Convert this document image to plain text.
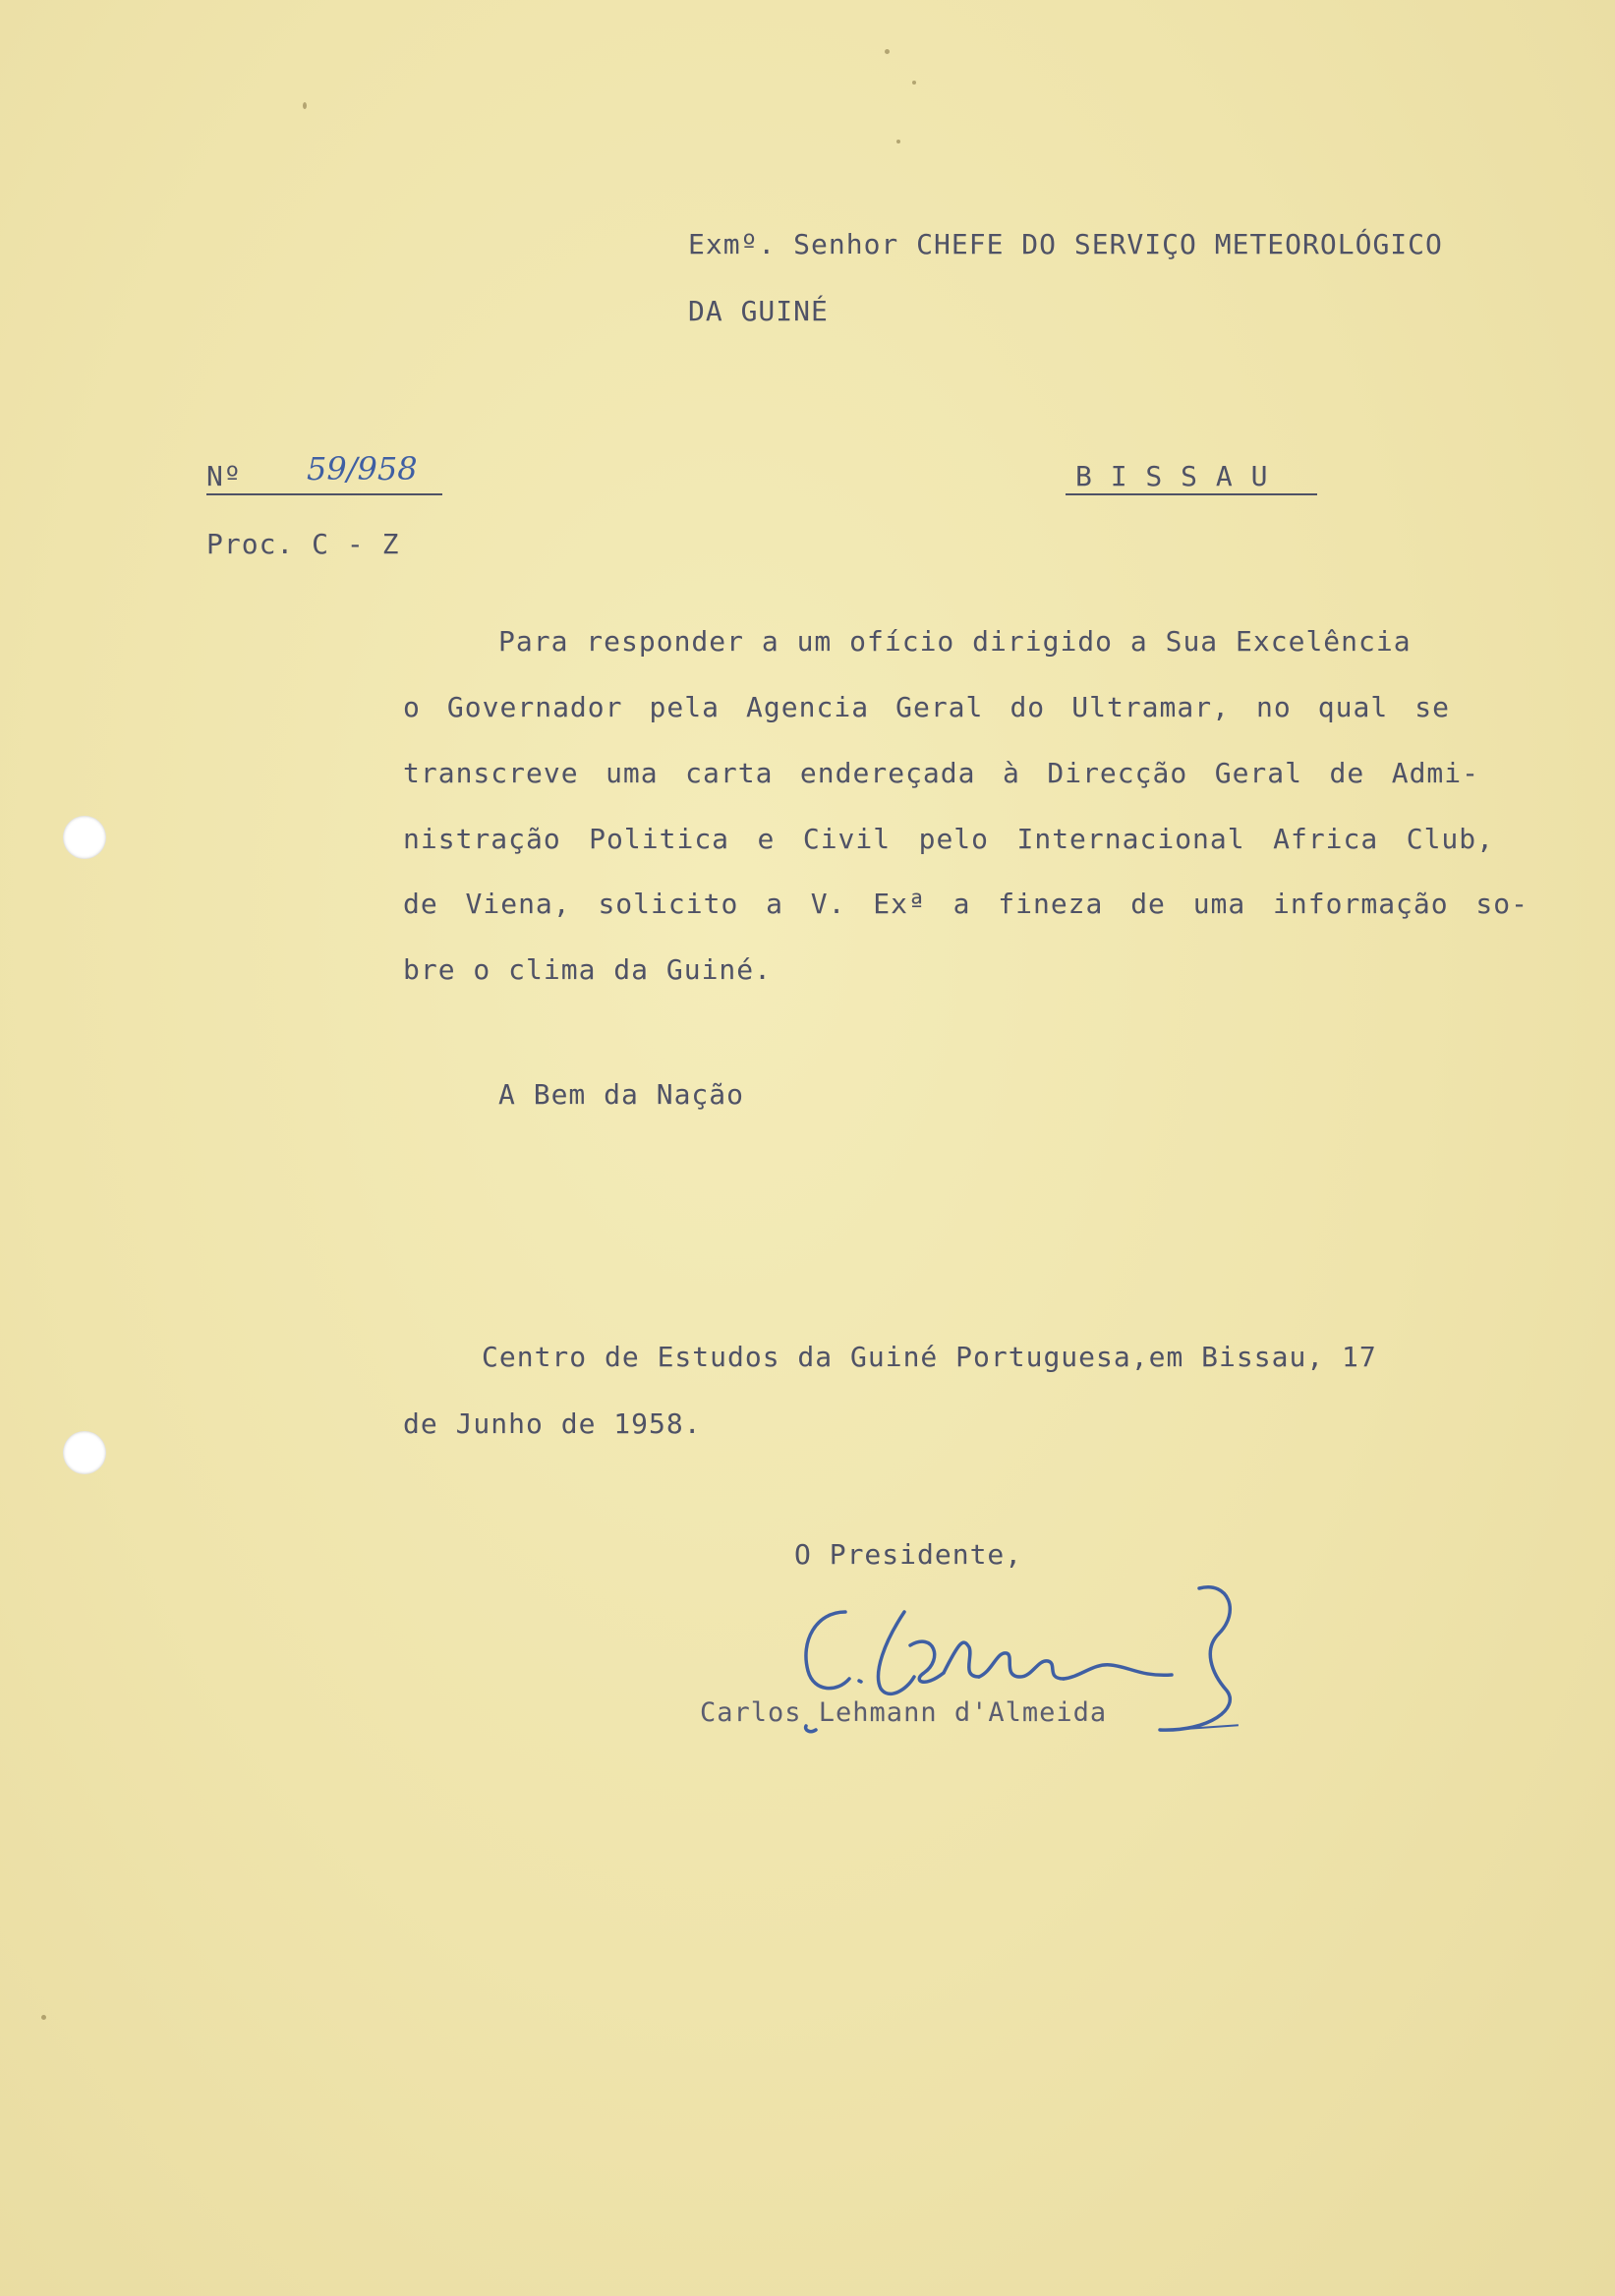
Exmº. Senhor CHEFE DO SERVIÇO METEOROLÓGICO
DA GUINÉ
Nº 59/958	B I S S A U
Proc. C - Z
Para responder a um ofício dirigido a Sua Excelência
o Governador pela Agencia Geral do Ultramar, no qual se
transcreve uma carta endereçada à Direcção Geral de Admi-
nistração Politica e Civil pelo Internacional Africa Club,
de Viena, solicito a V. Exª a fineza de uma informação so-
bre o clima da Guiné.
A Bem da Nação
Centro de Estudos da Guiné Portuguesa,em Bissau, 17
de Junho de 1958.
O Presidente,
Carlos Lehmann d'Almeida
